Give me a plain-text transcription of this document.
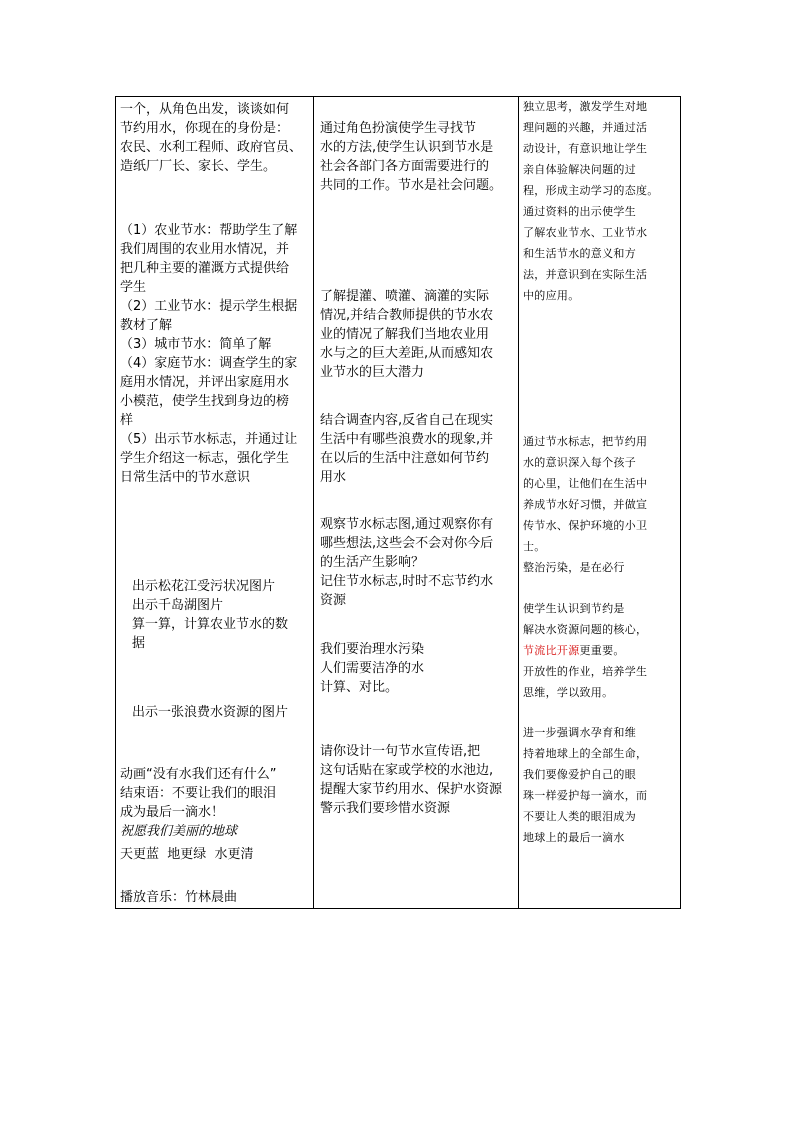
一个，从角色出发，谈谈如何
节约用水，你现在的身份是：
农民、水利工程师、政府官员、
造纸厂厂长、家长、学生。
（1）农业节水：帮助学生了解
我们周围的农业用水情况，并
把几种主要的灌溉方式提供给
学生
（2）工业节水：提示学生根据
教材了解
（3）城市节水：简单了解
（4）家庭节水：调查学生的家
庭用水情况，并评出家庭用水
小模范，使学生找到身边的榜
样
（5）出示节水标志，并通过让
学生介绍这一标志，强化学生
日常生活中的节水意识
出示松花江受污状况图片
出示千岛湖图片
算一算，计算农业节水的数
据
出示一张浪费水资源的图片
动画“没有水我们还有什么”
结束语：不要让我们的眼泪
成为最后一滴水！
祝愿我们美丽的地球
天更蓝  地更绿  水更清
播放音乐：竹林晨曲
通过角色扮演使学生寻找节
水的方法,使学生认识到节水是
社会各部门各方面需要进行的
共同的工作。节水是社会问题。
了解提灌、喷灌、滴灌的实际
情况,并结合教师提供的节水农
业的情况了解我们当地农业用
水与之的巨大差距,从而感知农
业节水的巨大潜力
结合调查内容,反省自己在现实
生活中有哪些浪费水的现象,并
在以后的生活中注意如何节约
用水
观察节水标志图,通过观察你有
哪些想法,这些会不会对你今后
的生活产生影响？
记住节水标志,时时不忘节约水
资源
我们要治理水污染
人们需要洁净的水
计算、对比。
请你设计一句节水宣传语,把
这句话贴在家或学校的水池边,
提醒大家节约用水、保护水资源
警示我们要珍惜水资源
独立思考，激发学生对地
理问题的兴趣，并通过活
动设计，有意识地让学生
亲自体验解决问题的过
程，形成主动学习的态度。
通过资料的出示使学生
了解农业节水、工业节水
和生活节水的意义和方
法，并意识到在实际生活
中的应用。
通过节水标志，把节约用
水的意识深入每个孩子
的心里，让他们在生活中
养成节水好习惯，并做宣
传节水、保护环境的小卫
士。
整治污染，是在必行
使学生认识到节约是
解决水资源问题的核心，
节流比开源更重要。
开放性的作业，培养学生
思维，学以致用。
进一步强调水孕育和维
持着地球上的全部生命，
我们要像爱护自己的眼
珠一样爱护每一滴水，而
不要让人类的眼泪成为
地球上的最后一滴水
